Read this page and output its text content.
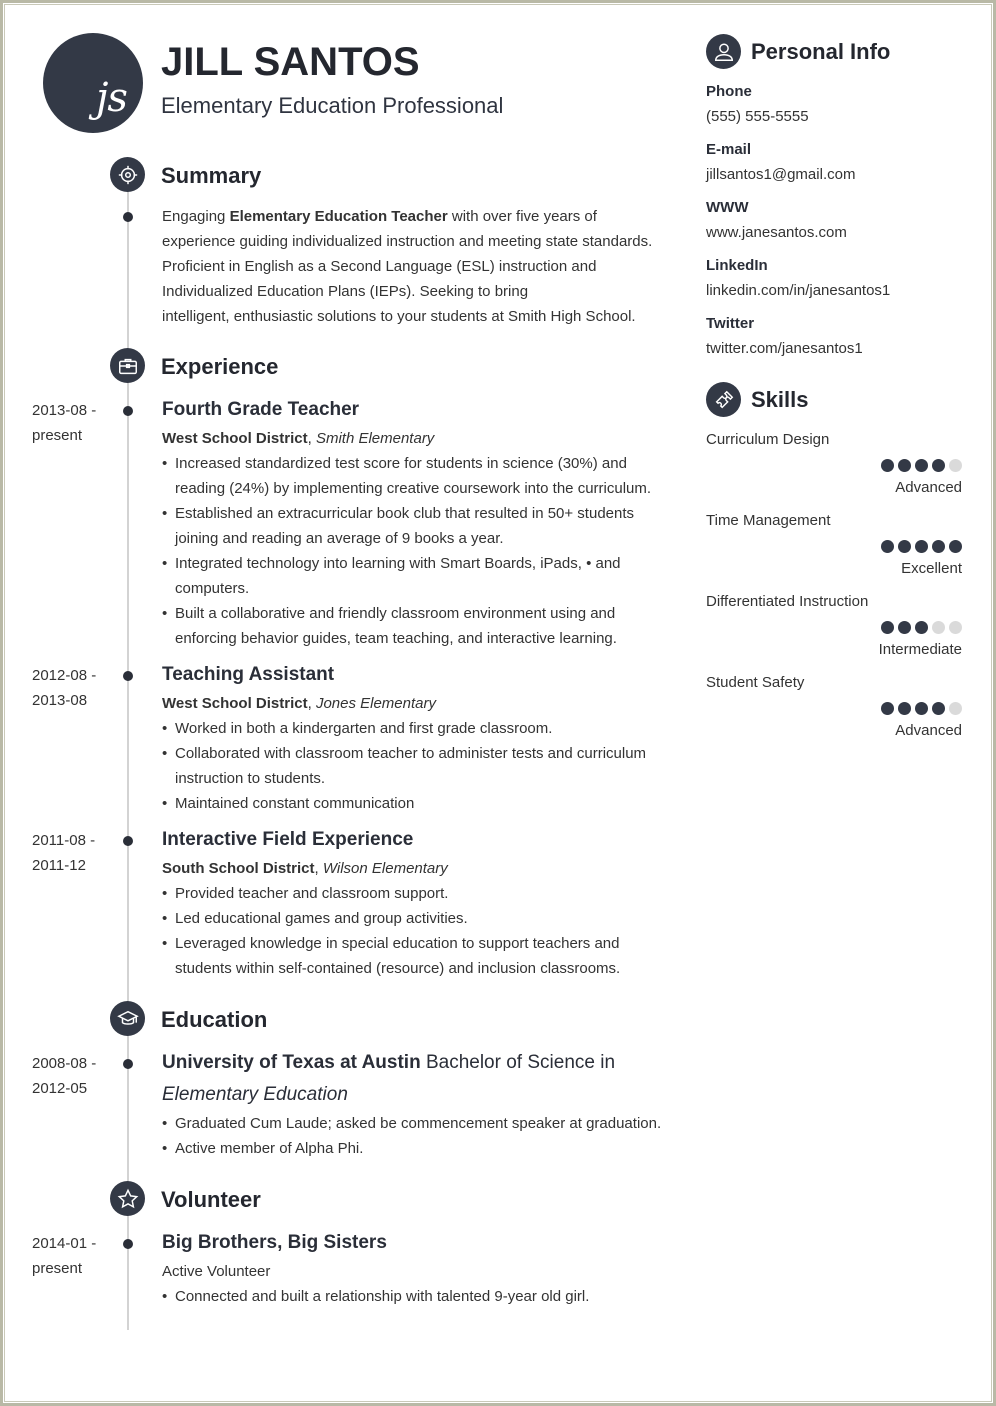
js
JILL SANTOS
Elementary Education Professional
Summary
Engaging Elementary Education Teacher with over five years of
experience guiding individualized instruction and meeting state standards.
Proficient in English as a Second Language (ESL) instruction and
Individualized Education Plans (IEPs). Seeking to bring
intelligent, enthusiastic solutions to your students at Smith High School.
Experience
2013-08 -
present
Fourth Grade Teacher
West School District, Smith Elementary
• Increased standardized test score for students in science (30%) and reading (24%) by implementing creative coursework into the curriculum.
• Established an extracurricular book club that resulted in 50+ students joining and reading an average of 9 books a year.
• Integrated technology into learning with Smart Boards, iPads, • and computers.
• Built a collaborative and friendly classroom environment using and enforcing behavior guides, team teaching, and interactive learning.
2012-08 -
2013-08
Teaching Assistant
West School District, Jones Elementary
• Worked in both a kindergarten and first grade classroom.
• Collaborated with classroom teacher to administer tests and curriculum instruction to students.
• Maintained constant communication
2011-08 -
2011-12
Interactive Field Experience
South School District, Wilson Elementary
• Provided teacher and classroom support.
• Led educational games and group activities.
• Leveraged knowledge in special education to support teachers and students within self-contained (resource) and inclusion classrooms.
Education
2008-08 -
2012-05
University of Texas at Austin Bachelor of Science in
Elementary Education
• Graduated Cum Laude; asked be commencement speaker at graduation.
• Active member of Alpha Phi.
Volunteer
2014-01 -
present
Big Brothers, Big Sisters
Active Volunteer
• Connected and built a relationship with talented 9-year old girl.
Personal Info
Phone
(555) 555-5555
E-mail
jillsantos1@gmail.com
WWW
www.janesantos.com
LinkedIn
linkedin.com/in/janesantos1
Twitter
twitter.com/janesantos1
Skills
Curriculum Design
Advanced
Time Management
Excellent
Differentiated Instruction
Intermediate
Student Safety
Advanced
